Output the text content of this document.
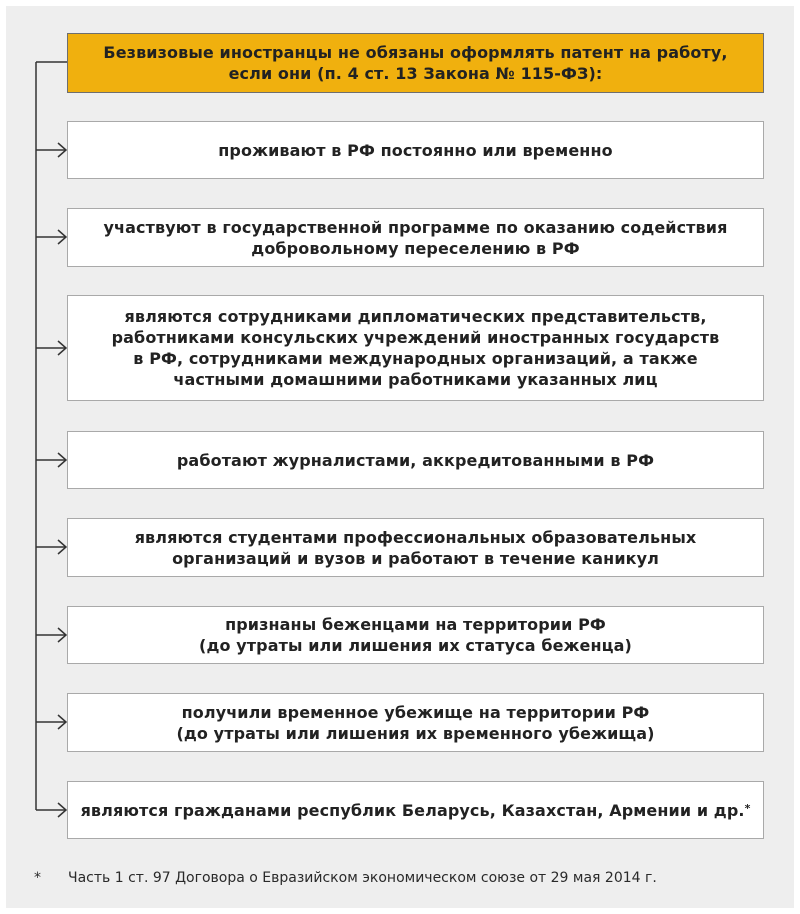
Безвизовые иностранцы не обязаны оформлять патент на работу,
если они (п. 4 ст. 13 Закона № 115-ФЗ):
проживают в РФ постоянно или временно
участвуют в государственной программе по оказанию содействия
добровольному переселению в РФ
являются сотрудниками дипломатических представительств,
работниками консульских учреждений иностранных государств
в РФ, сотрудниками международных организаций, а также
частными домашними работниками указанных лиц
работают журналистами, аккредитованными в РФ
являются студентами профессиональных образовательных
организаций и вузов и работают в течение каникул
признаны беженцами на территории РФ
(до утраты или лишения их статуса беженца)
получили временное убежище на территории РФ
(до утраты или лишения их временного убежища)
являются гражданами республик Беларусь, Казахстан, Армении и др.*
* Часть 1 ст. 97 Договора о Евразийском экономическом союзе от 29 мая 2014 г.
